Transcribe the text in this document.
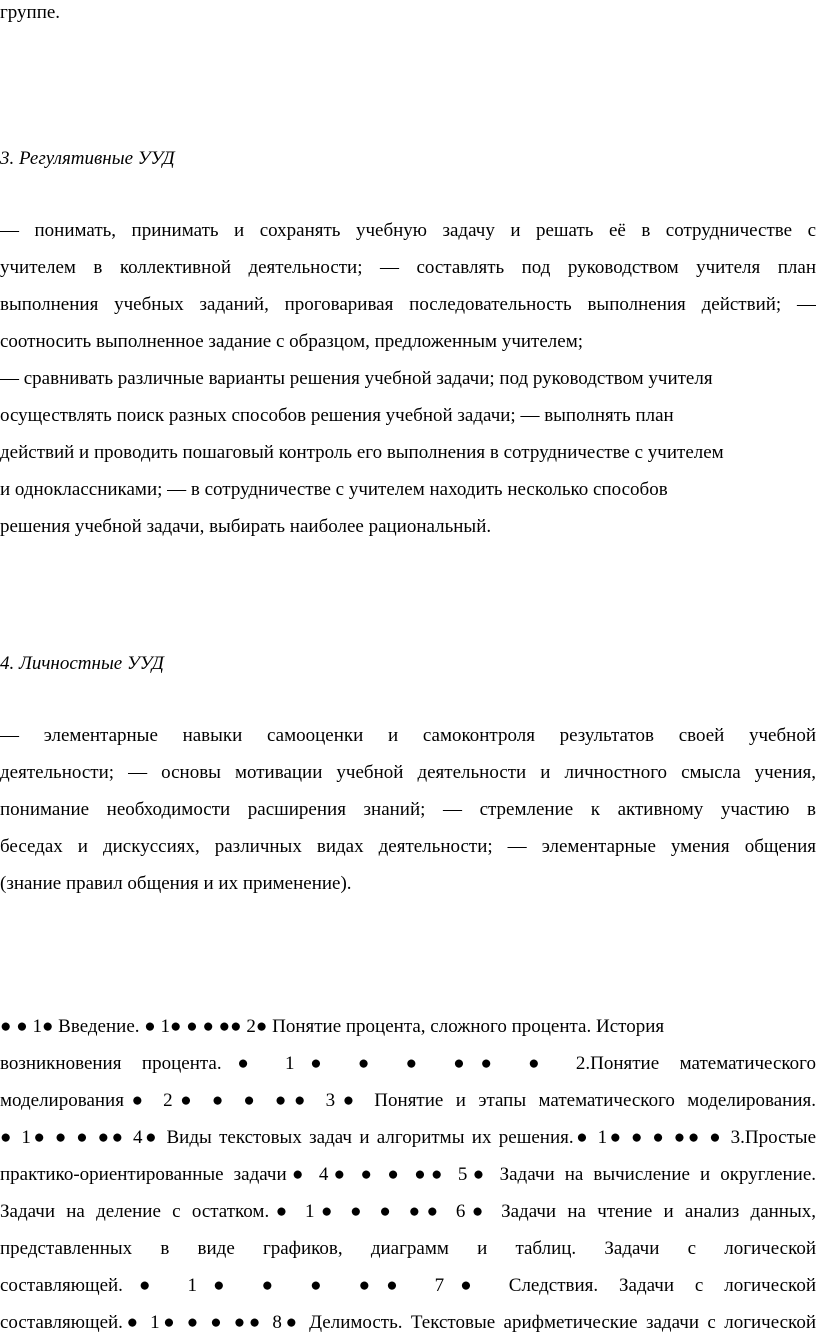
группе.

3. Регулятивные УУД

— понимать, принимать и сохранять учебную задачу и решать её в сотрудничестве с
учителем в коллективной деятельности; — составлять под руководством учителя план
выполнения учебных заданий, проговаривая последовательность выполнения действий; —
соотносить выполненное задание с образцом, предложенным учителем;
— сравнивать различные варианты решения учебной задачи; под руководством учителя
осуществлять поиск разных способов решения учебной задачи; — выполнять план
действий и проводить пошаговый контроль его выполнения в сотрудничестве с учителем
и одноклассниками; — в сотрудничестве с учителем находить несколько способов
решения учебной задачи, выбирать наиболее рациональный.

4. Личностные УУД

— элементарные навыки самооценки и самоконтроля результатов своей учебной
деятельности; — основы мотивации учебной деятельности и личностного смысла учения,
понимание необходимости расширения знаний; — стремление к активному участию в
беседах и дискуссиях, различных видах деятельности; — элементарные умения общения
(знание правил общения и их применение).
● ● 1● Введение. ● 1● ● ● ●● 2● Понятие процента, сложного процента. История
возникновения процента.● 1● ● ● ●● ● 2.Понятие математического
моделирования● 2● ● ● ●● 3● Понятие и этапы математического моделирования.
● 1● ● ● ●● 4● Виды текстовых задач и алгоритмы их решения.● 1● ● ● ●● ● 3.Простые
практико-ориентированные задачи● 4● ● ● ●● 5● Задачи на вычисление и округление.
Задачи на деление с остатком.● 1● ● ● ●● 6● Задачи на чтение и анализ данных,
представленных в виде графиков, диаграмм и таблиц. Задачи с логической
составляющей.● 1● ● ● ●● 7● Следствия. Задачи с логической
составляющей.● 1● ● ● ●● 8● Делимость. Текстовые арифметические задачи с логической
